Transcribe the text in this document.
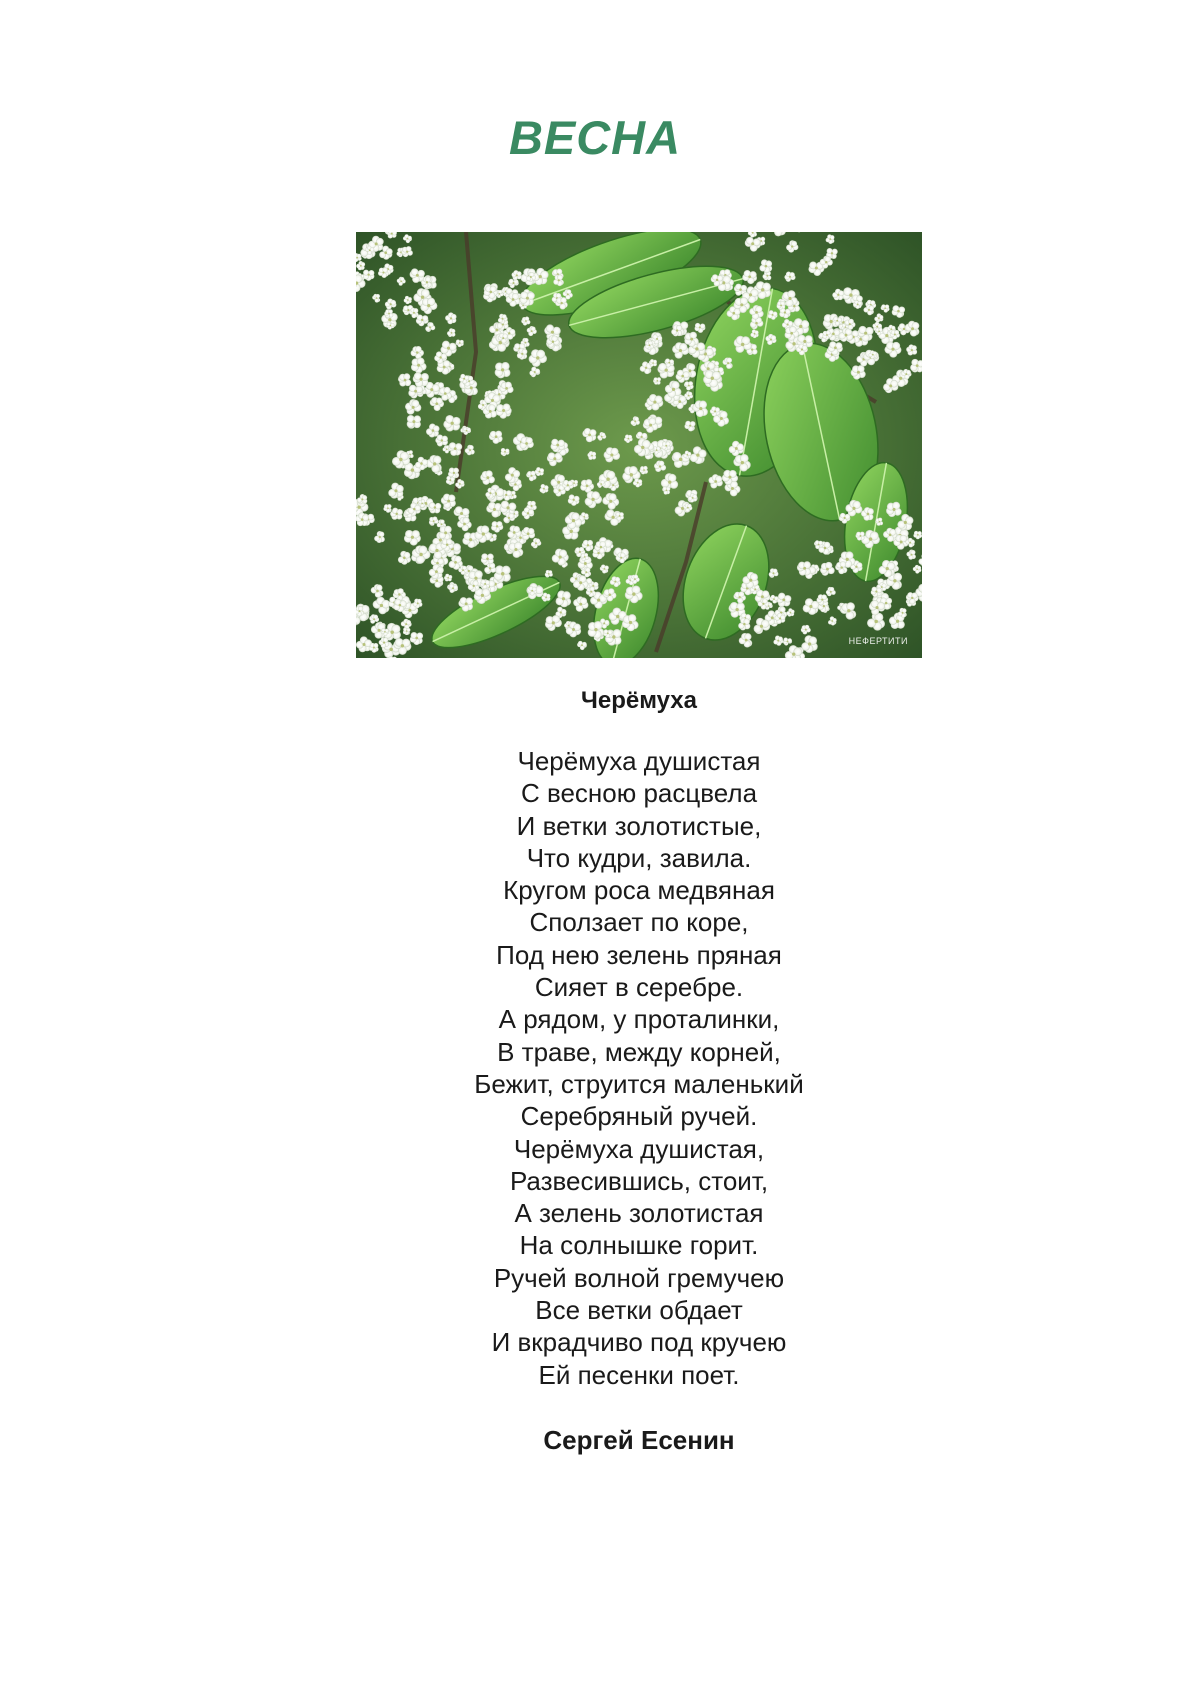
ВЕСНА
НЕФЕРТИТИ
Черёмуха
Черёмуха душистая
С весною расцвела
И ветки золотистые,
Что кудри, завила.
Кругом роса медвяная
Сползает по коре,
Под нею зелень пряная
Сияет в серебре.
А рядом, у проталинки,
В траве, между корней,
Бежит, струится маленький
Серебряный ручей.
Черёмуха душистая,
Развесившись, стоит,
А зелень золотистая
На солнышке горит.
Ручей волной гремучею
Все ветки обдает
И вкрадчиво под кручею
Ей песенки поет.

Сергей Есенин
